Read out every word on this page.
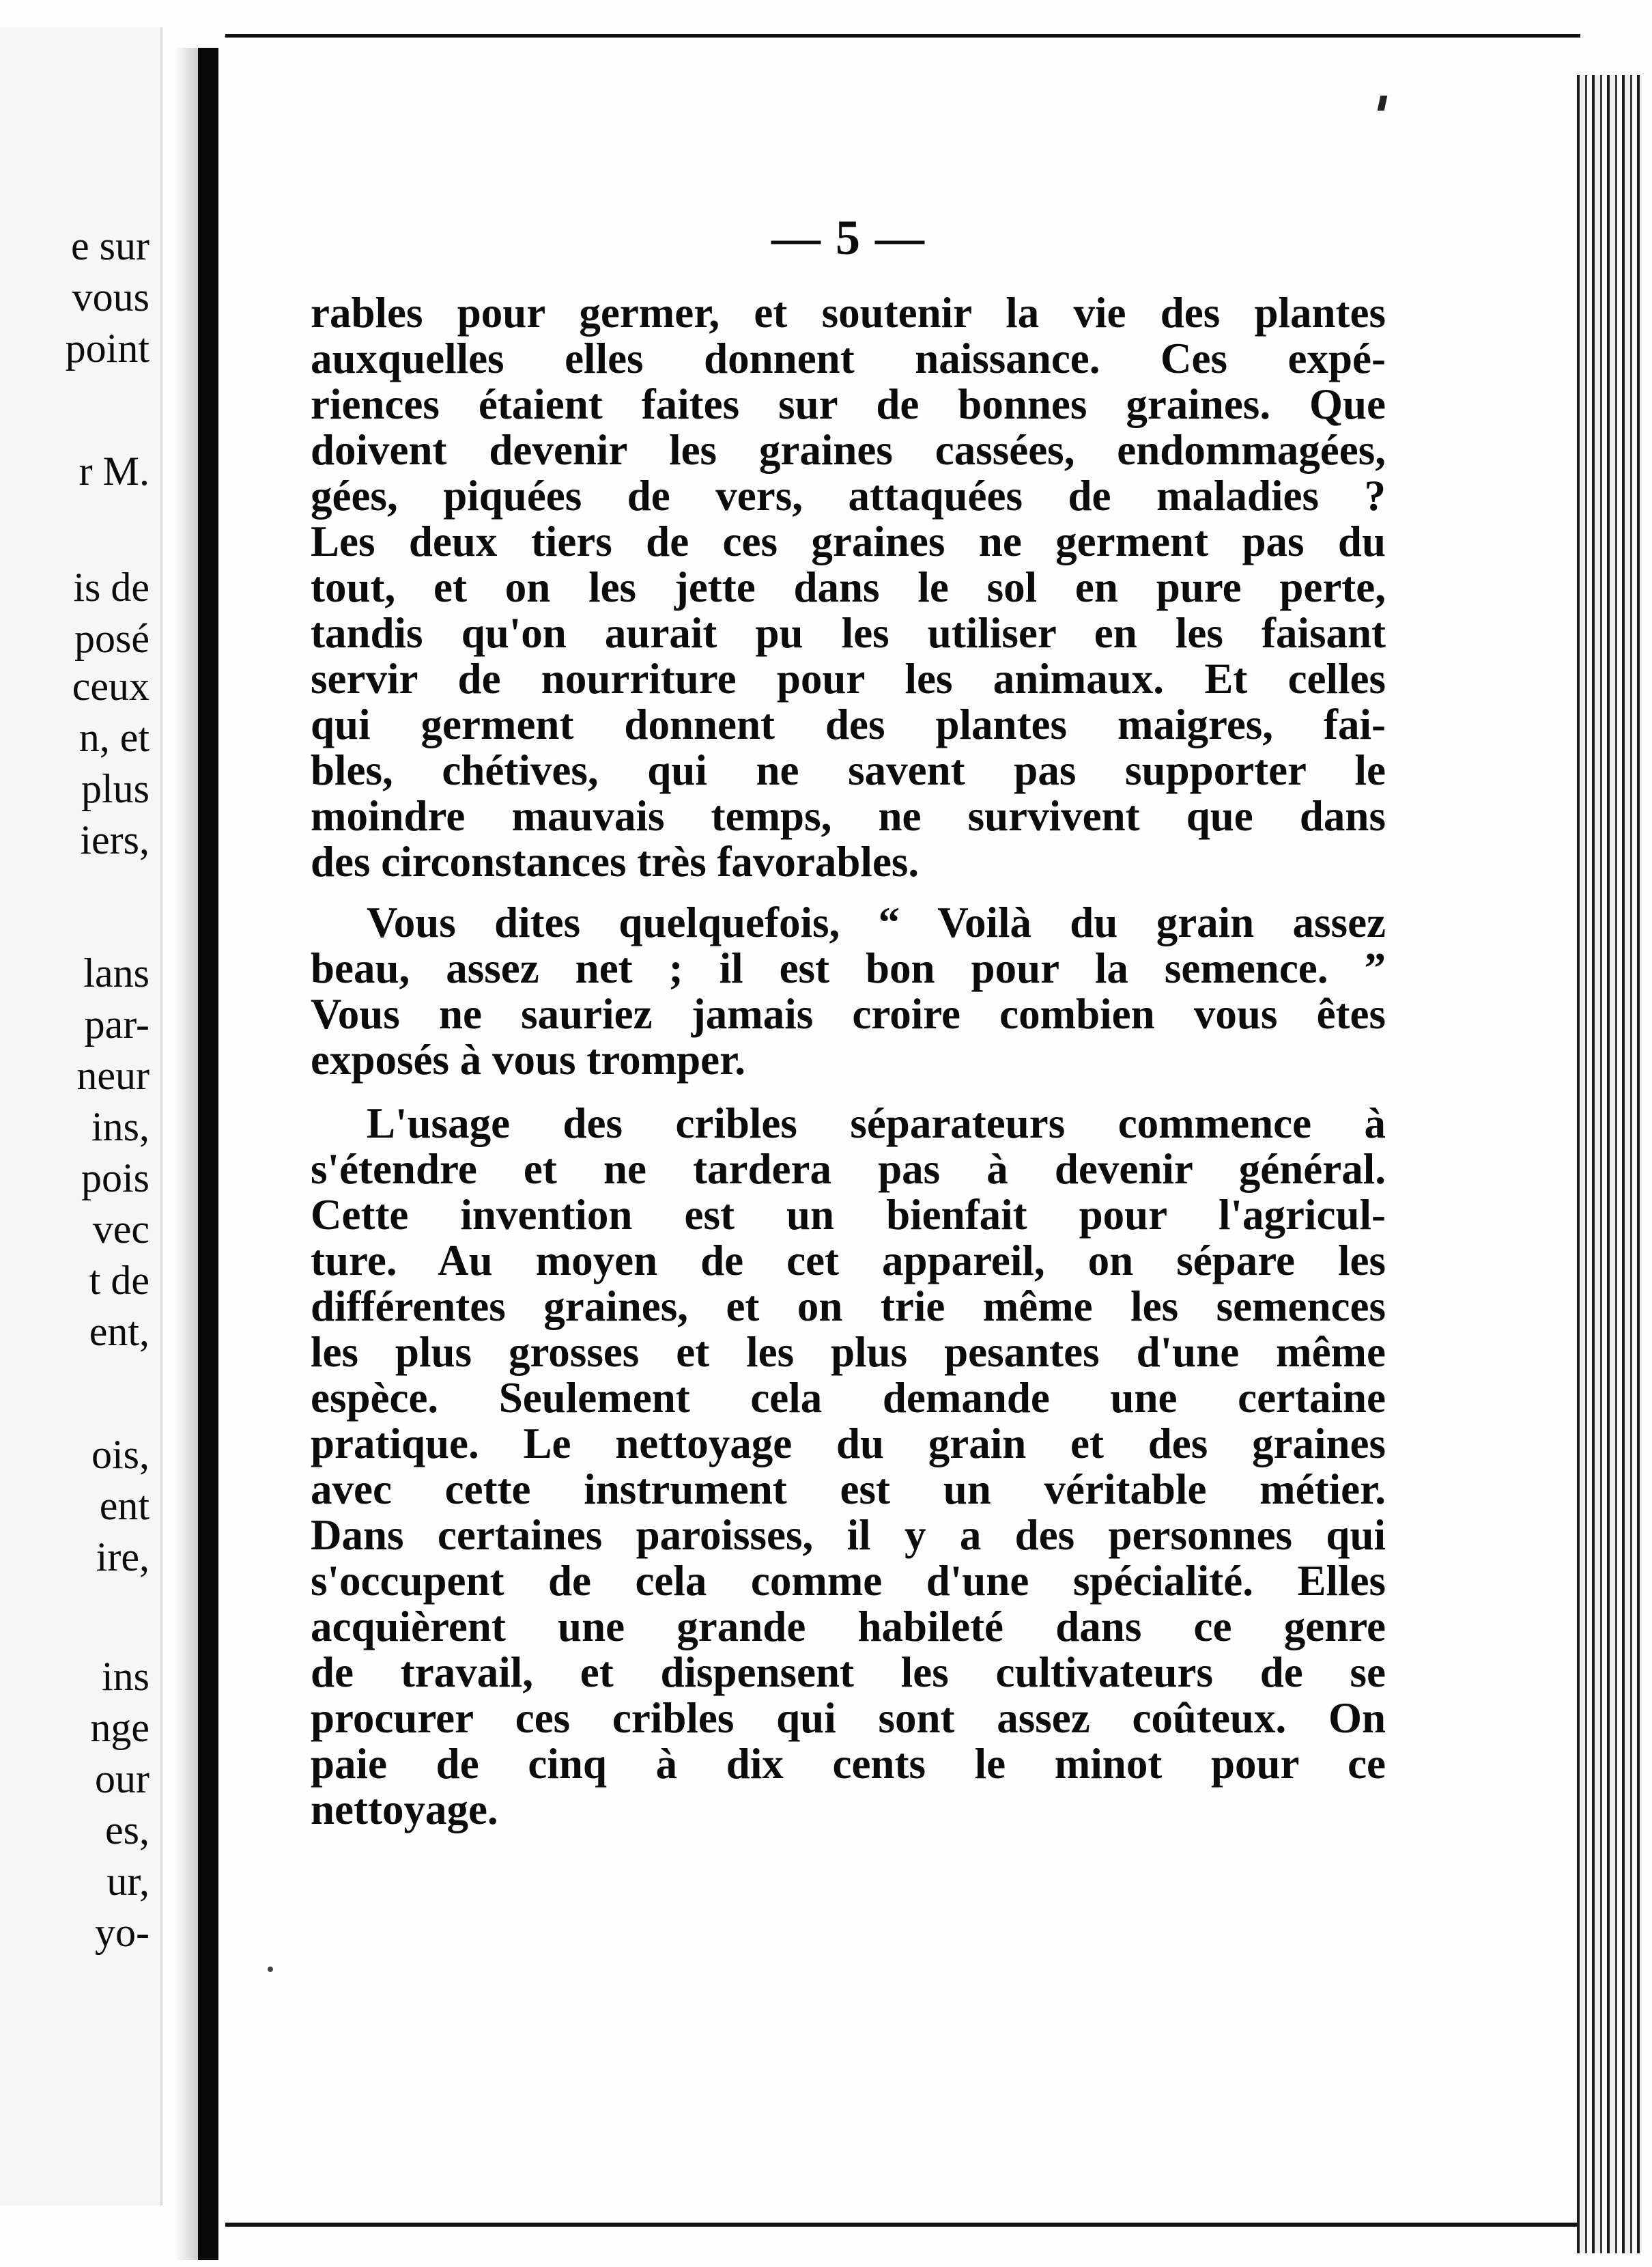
e sur
vous
point
r M.
is de
posé
ceux
n, et
plus
iers,
lans
par-
neur
ins,
pois
vec
t de
ent,
ois,
ent
ire,
ins
nge
our
es,
ur,
yo-
— 5 —

rables pour germer, et soutenir la vie des plantes
auxquelles elles donnent naissance. Ces expé-
riences étaient faites sur de bonnes graines. Que
doivent devenir les graines cassées, endommagées,
gées, piquées de vers, attaquées de maladies ?
Les deux tiers de ces graines ne germent pas du
tout, et on les jette dans le sol en pure perte,
tandis qu'on aurait pu les utiliser en les faisant
servir de nourriture pour les animaux. Et celles
qui germent donnent des plantes maigres, fai-
bles, chétives, qui ne savent pas supporter le
moindre mauvais temps, ne survivent que dans
des circonstances très favorables.

Vous dites quelquefois, “ Voilà du grain assez
beau, assez net ; il est bon pour la semence. ”
Vous ne sauriez jamais croire combien vous êtes
exposés à vous tromper.

L'usage des cribles séparateurs commence à
s'étendre et ne tardera pas à devenir général.
Cette invention est un bienfait pour l'agricul-
ture. Au moyen de cet appareil, on sépare les
différentes graines, et on trie même les semences
les plus grosses et les plus pesantes d'une même
espèce. Seulement cela demande une certaine
pratique. Le nettoyage du grain et des graines
avec cette instrument est un véritable métier.
Dans certaines paroisses, il y a des personnes qui
s'occupent de cela comme d'une spécialité. Elles
acquièrent une grande habileté dans ce genre
de travail, et dispensent les cultivateurs de se
procurer ces cribles qui sont assez coûteux. On
paie de cinq à dix cents le minot pour ce
nettoyage.
